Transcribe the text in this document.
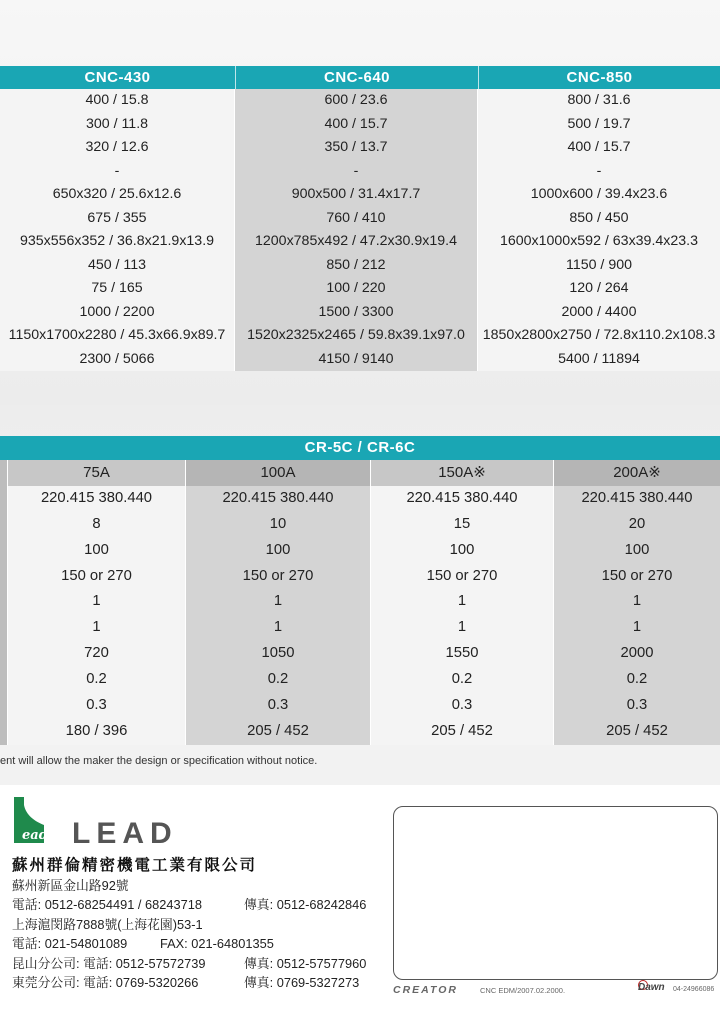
CNC-430	CNC-640	CNC-850
400 / 15.8	600 / 23.6	800 / 31.6
300 / 11.8	400 / 15.7	500 / 19.7
320 / 12.6	350 / 13.7	400 / 15.7
-	-	-
650x320 / 25.6x12.6	900x500 / 31.4x17.7	1000x600 / 39.4x23.6
675 / 355	760 / 410	850 / 450
935x556x352 / 36.8x21.9x13.9	1200x785x492 / 47.2x30.9x19.4	1600x1000x592 / 63x39.4x23.3
450 / 113	850 / 212	1150 / 900
75 / 165	100 / 220	120 / 264
1000 / 2200	1500 / 3300	2000 / 4400
1150x1700x2280 / 45.3x66.9x89.7	1520x2325x2465 / 59.8x39.1x97.0	1850x2800x2750 / 72.8x110.2x108.3
2300 / 5066	4150 / 9140	5400 / 11894
CR-5C / CR-6C
75A	100A	150A※	200A※
220.415 380.440	220.415 380.440	220.415 380.440	220.415 380.440
8	10	15	20
100	100	100	100
150 or 270	150 or 270	150 or 270	150 or 270
1	1	1	1
1	1	1	1
720	1050	1550	2000
0.2	0.2	0.2	0.2
0.3	0.3	0.3	0.3
180 / 396	205 / 452	205 / 452	205 / 452
ent will allow the maker the design or specification without notice.
ead LEAD
蘇州群倫精密機電工業有限公司
蘇州新區金山路92號
電話: 0512-68254491 / 68243718	傳真: 0512-68242846
上海滬閔路7888號(上海花園)53-1
電話: 021-54801089	FAX: 021-64801355
昆山分公司: 電話: 0512-57572739	傳真: 0512-57577960
東莞分公司: 電話: 0769-5320266	傳真: 0769-5327273	CREATOR	CNC EDM/2007.02.2000.	Dawn 04-24966086
